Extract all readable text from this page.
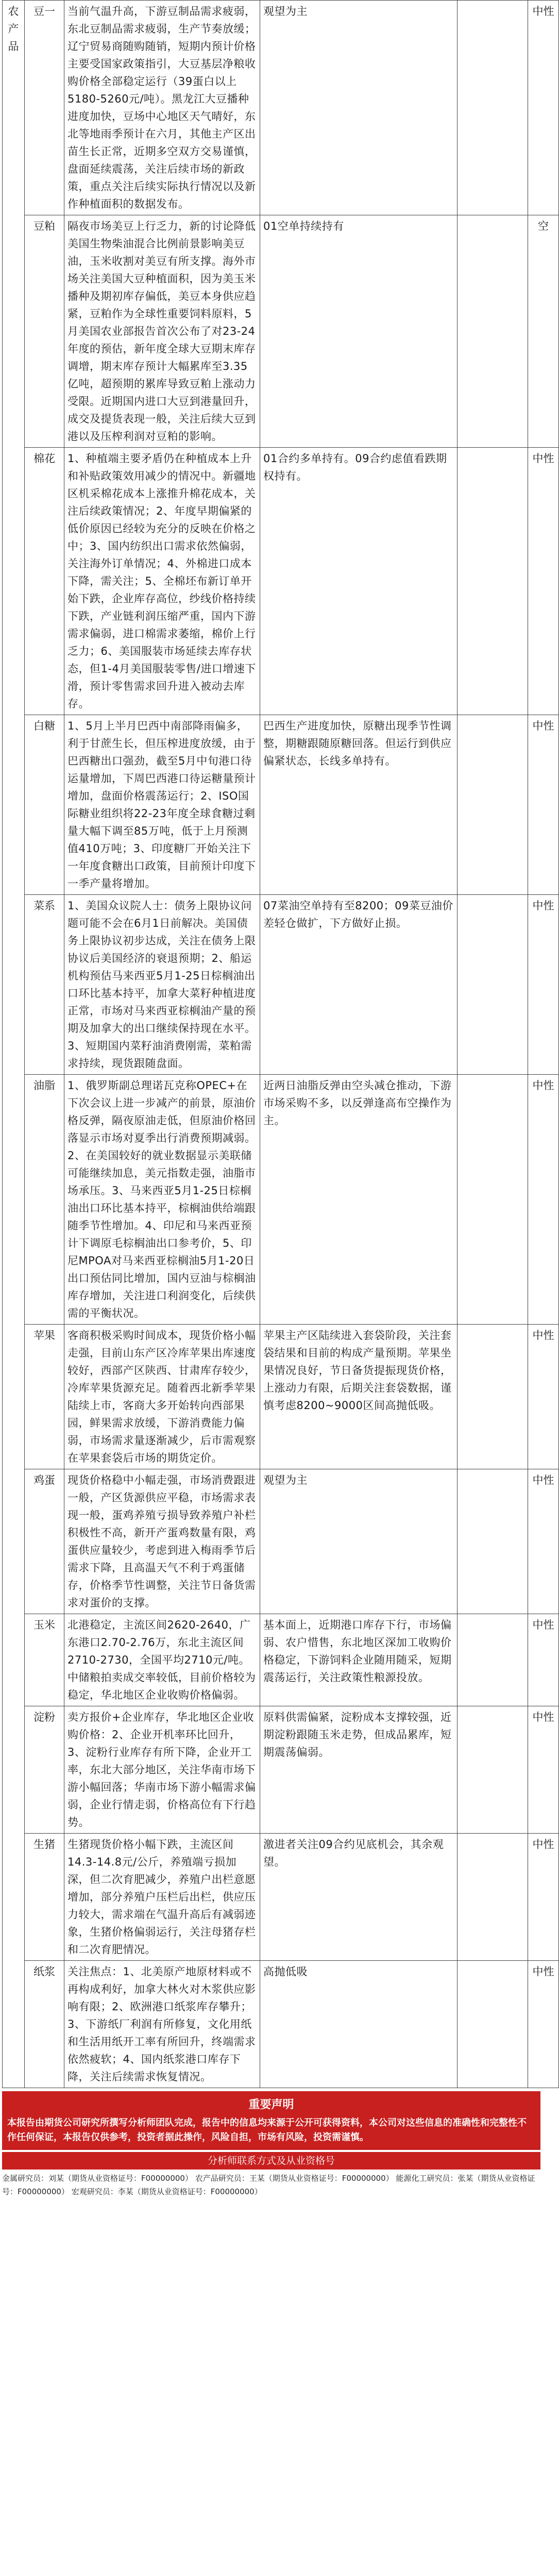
农产品	豆一	当前气温升高，下游豆制品需求疲弱，东北豆制品需求疲弱，生产节奏放缓；辽宁贸易商随购随销，短期内预计价格主要受国家政策指引，大豆基层净粮收购价格全部稳定运行（39蛋白以上5180-5260元/吨）。黑龙江大豆播种进度加快，豆场中心地区天气晴好，东北等地雨季预计在六月，其他主产区出苗生长正常，近期多空双方交易谨慎，盘面延续震荡，关注后续市场的新政策，重点关注后续实际执行情况以及新作种植面积的数据发布。	观望为主		中性
	豆粕	隔夜市场美豆上行乏力，新的讨论降低美国生物柴油混合比例前景影响美豆油，玉米收割对美豆有所支撑。海外市场关注美国大豆种植面积，因为美玉米播种及期初库存偏低，美豆本身供应趋紧，豆粕作为全球性重要饲料原料，5月美国农业部报告首次公布了对23-24年度的预估，新年度全球大豆期末库存调增，期末库存预计大幅累库至3.35亿吨，超预期的累库导致豆粕上涨动力受限。近期国内进口大豆到港量回升，成交及提货表现一般，关注后续大豆到港以及压榨利润对豆粕的影响。	01空单持续持有		空
	棉花	1、种植端主要矛盾仍在种植成本上升和补贴政策效用减少的情况中。新疆地区机采棉花成本上涨推升棉花成本，关注后续政策情况；2、年度早期偏紧的低价原因已经较为充分的反映在价格之中；3、国内纺织出口需求依然偏弱，关注海外订单情况；4、外棉进口成本下降，需关注；5、全棉坯布新订单开始下跌，企业库存高位，纱线价格持续下跌，产业链利润压缩严重，国内下游需求偏弱，进口棉需求萎缩，棉价上行乏力；6、美国服装市场延续去库存状态，但1-4月美国服装零售/进口增速下滑，预计零售需求回升进入被动去库存。	01合约多单持有。09合约虑值看跌期权持有。		中性
	白糖	1、5月上半月巴西中南部降雨偏多，利于甘蔗生长，但压榨进度放缓，由于巴西糖出口强劲，截至5月中旬港口待运量增加，下周巴西港口待运糖量预计增加，盘面价格震荡运行；2、ISO国际糖业组织将22-23年度全球食糖过剩量大幅下调至85万吨，低于上月预测值410万吨；3、印度糖厂开始关注下一年度食糖出口政策，目前预计印度下一季产量将增加。	巴西生产进度加快，原糖出现季节性调整，期糖跟随原糖回落。但运行到供应偏紧状态，长线多单持有。		中性
	菜系	1、美国众议院人士：债务上限协议问题可能不会在6月1日前解决。美国债务上限协议初步达成，关注在债务上限协议后美国经济的衰退预期；2、船运机构预估马来西亚5月1-25日棕榈油出口环比基本持平，加拿大菜籽种植进度正常，市场对马来西亚棕榈油产量的预期及加拿大的出口继续保持现在水平。3、短期国内菜籽油消费刚需，菜粕需求持续，现货跟随盘面。	07菜油空单持有至8200；09菜豆油价差轻仓做扩，下方做好止损。		中性
	油脂	1、俄罗斯副总理诺瓦克称OPEC+在下次会议上进一步减产的前景，原油价格反弹，隔夜原油走低，但原油价格回落显示市场对夏季出行消费预期减弱。2、在美国较好的就业数据显示美联储可能继续加息，美元指数走强，油脂市场承压。3、马来西亚5月1-25日棕榈油出口环比基本持平，棕榈油供给端跟随季节性增加。4、印尼和马来西亚预计下调原毛棕榈油出口参考价，5、印尼MPOA对马来西亚棕榈油5月1-20日出口预估同比增加，国内豆油与棕榈油库存增加，关注进口利润变化，后续供需的平衡状况。	近两日油脂反弹由空头减仓推动，下游市场采购不多，以反弹逢高布空操作为主。		中性
	苹果	客商积极采购时间成本，现货价格小幅走强，目前山东产区冷库苹果出库速度较好，西部产区陕西、甘肃库存较少，冷库苹果货源充足。随着西北新季苹果陆续上市，客商大多开始转向西部果园，鲜果需求放缓，下游消费能力偏弱，市场需求量逐渐减少，后市需观察在苹果套袋后市场的期货定价。	苹果主产区陆续进入套袋阶段，关注套袋结果和目前的构成产量预期。苹果坐果情况良好，节日备货提振现货价格，上涨动力有限，后期关注套袋数据，谨慎考虑8200~9000区间高抛低吸。		中性
	鸡蛋	现货价格稳中小幅走强，市场消费跟进一般，产区货源供应平稳，市场需求表现一般，蛋鸡养殖亏损导致养殖户补栏积极性不高，新开产蛋鸡数量有限，鸡蛋供应量较少，考虑到进入梅雨季节后需求下降，且高温天气不利于鸡蛋储存，价格季节性调整，关注节日备货需求对蛋价的支撑。	观望为主		中性
	玉米	北港稳定，主流区间2620-2640，广东港口2.70-2.76万，东北主流区间2710-2730，全国平均2710元/吨。中储粮拍卖成交率较低，目前价格较为稳定，华北地区企业收购价格偏弱。	基本面上，近期港口库存下行，市场偏弱、农户惜售，东北地区深加工收购价格稳定，下游饲料企业随用随采，短期震荡运行，关注政策性粮源投放。		中性
	淀粉	卖方报价+企业库存，华北地区企业收购价格：2、企业开机率环比回升，3、淀粉行业库存有所下降，企业开工率，东北大部分地区，关注华南市场下游小幅回落；华南市场下游小幅需求偏弱，企业行情走弱，价格高位有下行趋势。	原料供需偏紧，淀粉成本支撑较强，近期淀粉跟随玉米走势，但成品累库，短期震荡偏弱。		中性
	生猪	生猪现货价格小幅下跌，主流区间14.3-14.8元/公斤，养殖端亏损加深，但二次育肥减少，养殖户出栏意愿增加，部分养殖户压栏后出栏，供应压力较大，需求端在气温升高后有减弱迹象，生猪价格偏弱运行，关注母猪存栏和二次育肥情况。	激进者关注09合约见底机会，其余观望。		中性
	纸浆	关注焦点：1、北美原产地原材料或不再构成利好，加拿大林火对木浆供应影响有限；2、欧洲港口纸浆库存攀升；3、下游纸厂利润有所修复，文化用纸和生活用纸开工率有所回升，终端需求依然疲软；4、国内纸浆港口库存下降，关注后续需求恢复情况。	高抛低吸		中性
重要声明
本报告由期货公司研究所撰写分析师团队完成，报告中的信息均来源于公开可获得资料，本公司对这些信息的准确性和完整性不作任何保证，本报告仅供参考，投资者据此操作，风险自担，市场有风险，投资需谨慎。
分析师联系方式及从业资格号
金属研究员：刘某（期货从业资格证号：F00000000） 农产品研究员：王某（期货从业资格证号：F00000000） 能源化工研究员：张某（期货从业资格证号：F00000000） 宏观研究员：李某（期货从业资格证号：F00000000）
